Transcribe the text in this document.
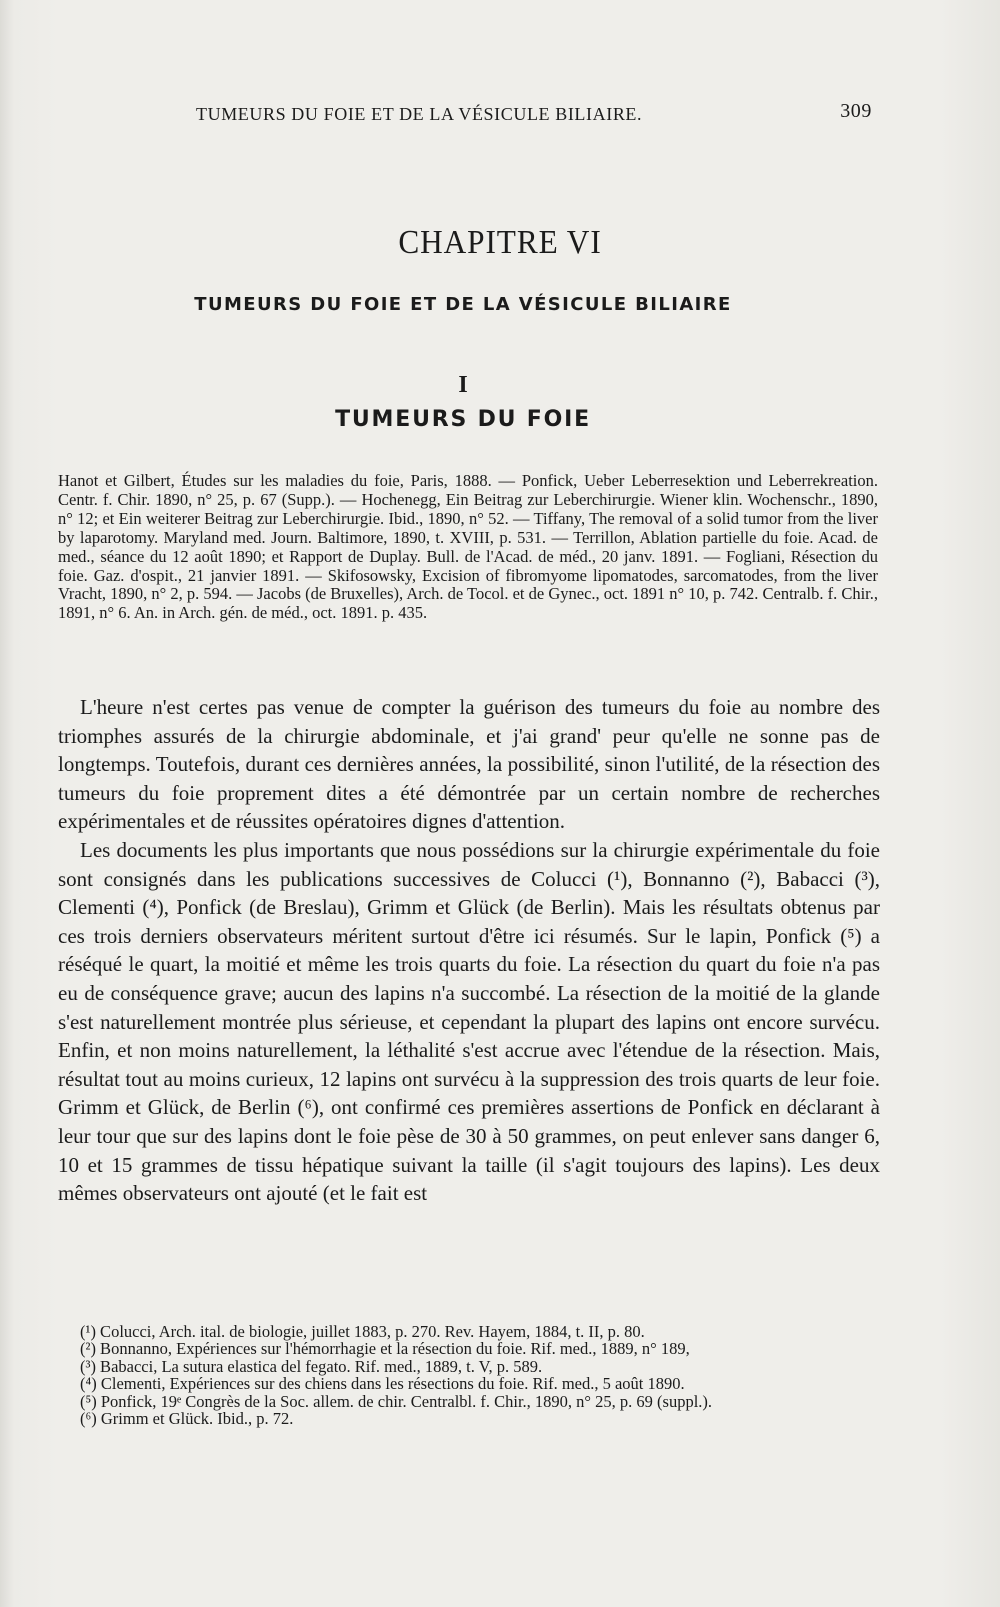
TUMEURS DU FOIE ET DE LA VÉSICULE BILIAIRE.	309
CHAPITRE VI
TUMEURS DU FOIE ET DE LA VÉSICULE BILIAIRE
I
TUMEURS DU FOIE
Hanot et Gilbert, Études sur les maladies du foie, Paris, 1888. — Ponfick, Ueber Leberresektion und Leberrekreation. Centr. f. Chir. 1890, n° 25, p. 67 (Supp.). — Hochenegg, Ein Beitrag zur Leberchirurgie. Wiener klin. Wochenschr., 1890, n° 12; et Ein weiterer Beitrag zur Leberchirurgie. Ibid., 1890, n° 52. — Tiffany, The removal of a solid tumor from the liver by laparotomy. Maryland med. Journ. Baltimore, 1890, t. XVIII, p. 531. — Terrillon, Ablation partielle du foie. Acad. de med., séance du 12 août 1890; et Rapport de Duplay. Bull. de l'Acad. de méd., 20 janv. 1891. — Fogliani, Résection du foie. Gaz. d'ospit., 21 janvier 1891. — Skifosowsky, Excision of fibromyome lipomatodes, sarcomatodes, from the liver Vracht, 1890, n° 2, p. 594. — Jacobs (de Bruxelles), Arch. de Tocol. et de Gynec., oct. 1891 n° 10, p. 742. Centralb. f. Chir., 1891, n° 6. An. in Arch. gén. de méd., oct. 1891. p. 435.

L'heure n'est certes pas venue de compter la guérison des tumeurs du foie au nombre des triomphes assurés de la chirurgie abdominale, et j'ai grand' peur qu'elle ne sonne pas de longtemps. Toutefois, durant ces dernières années, la possibilité, sinon l'utilité, de la résection des tumeurs du foie proprement dites a été démontrée par un certain nombre de recherches expérimentales et de réussites opératoires dignes d'attention.

Les documents les plus importants que nous possédions sur la chirurgie expérimentale du foie sont consignés dans les publications successives de Colucci (¹), Bonnanno (²), Babacci (³), Clementi (⁴), Ponfick (de Breslau), Grimm et Glück (de Berlin). Mais les résultats obtenus par ces trois derniers observateurs méritent surtout d'être ici résumés. Sur le lapin, Ponfick (⁵) a réséqué le quart, la moitié et même les trois quarts du foie. La résection du quart du foie n'a pas eu de conséquence grave; aucun des lapins n'a succombé. La résection de la moitié de la glande s'est naturellement montrée plus sérieuse, et cependant la plupart des lapins ont encore survécu. Enfin, et non moins naturellement, la léthalité s'est accrue avec l'étendue de la résection. Mais, résultat tout au moins curieux, 12 lapins ont survécu à la suppression des trois quarts de leur foie. Grimm et Glück, de Berlin (⁶), ont confirmé ces premières assertions de Ponfick en déclarant à leur tour que sur des lapins dont le foie pèse de 30 à 50 grammes, on peut enlever sans danger 6, 10 et 15 grammes de tissu hépatique suivant la taille (il s'agit toujours des lapins). Les deux mêmes observateurs ont ajouté (et le fait est

(¹) Colucci, Arch. ital. de biologie, juillet 1883, p. 270. Rev. Hayem, 1884, t. II, p. 80.
(²) Bonnanno, Expériences sur l'hémorrhagie et la résection du foie. Rif. med., 1889, n° 189,
(³) Babacci, La sutura elastica del fegato. Rif. med., 1889, t. V, p. 589.
(⁴) Clementi, Expériences sur des chiens dans les résections du foie. Rif. med., 5 août 1890.
(⁵) Ponfick, 19ᵉ Congrès de la Soc. allem. de chir. Centralbl. f. Chir., 1890, n° 25, p. 69 (suppl.).
(⁶) Grimm et Glück. Ibid., p. 72.
